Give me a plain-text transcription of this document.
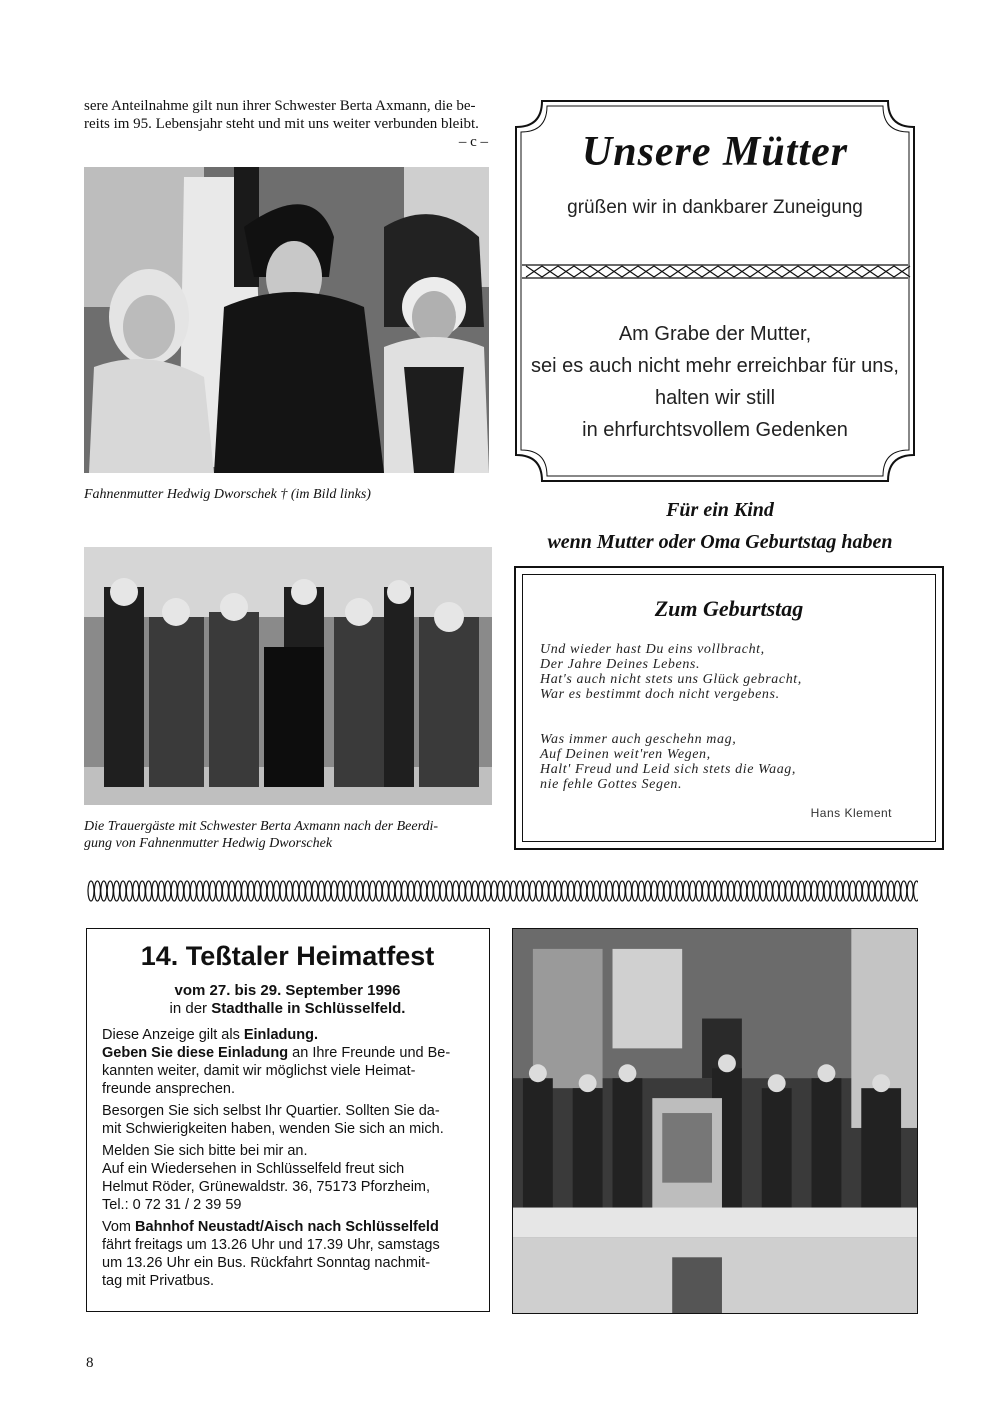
sere Anteilnahme gilt nun ihrer Schwester Berta Axmann, die be-
reits im 95. Lebensjahr steht und mit uns weiter verbunden bleibt.
– c –
Fahnenmutter Hedwig Dworschek † (im Bild links)
Die Trauergäste mit Schwester Berta Axmann nach der Beerdi-
gung von Fahnenmutter Hedwig Dworschek
Unsere Mütter
grüßen wir in dankbarer Zuneigung
Am Grabe der Mutter,
sei es auch nicht mehr erreichbar für uns,
halten wir still
in ehrfurchtsvollem Gedenken
Für ein Kind
wenn Mutter oder Oma Geburtstag haben
Zum Geburtstag
Und wieder hast Du eins vollbracht,
Der Jahre Deines Lebens.
Hat's auch nicht stets uns Glück gebracht,
War es bestimmt doch nicht vergebens.
Was immer auch geschehn mag,
Auf Deinen weit'ren Wegen,
Halt' Freud und Leid sich stets die Waag,
nie fehle Gottes Segen.
Hans Klement
14. Teßtaler Heimatfest
vom 27. bis 29. September 1996
in der Stadthalle in Schlüsselfeld.

Diese Anzeige gilt als Einladung.

Geben Sie diese Einladung an Ihre Freunde und Be-
kannten weiter, damit wir möglichst viele Heimat-
freunde ansprechen.

Besorgen Sie sich selbst Ihr Quartier. Sollten Sie da-
mit Schwierigkeiten haben, wenden Sie sich an mich.

Melden Sie sich bitte bei mir an.
Auf ein Wiedersehen in Schlüsselfeld freut sich
Helmut Röder, Grünewaldstr. 36, 75173 Pforzheim,
Tel.: 0 72 31 / 2 39 59

Vom Bahnhof Neustadt/Aisch nach Schlüsselfeld
fährt freitags um 13.26 Uhr und 17.39 Uhr, samstags
um 13.26 Uhr ein Bus. Rückfahrt Sonntag nachmit-
tag mit Privatbus.

8
